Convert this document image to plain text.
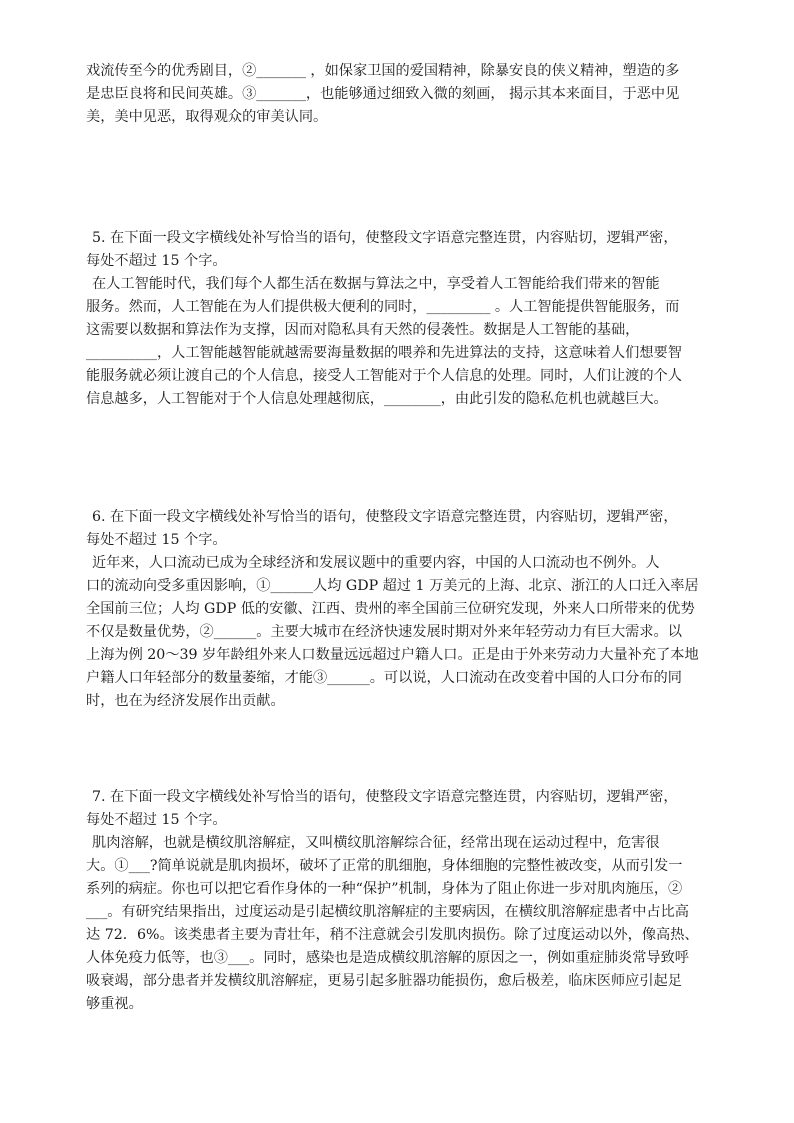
戏流传至今的优秀剧目，②_______ ，如保家卫国的爱国精神，除暴安良的侠义精神，塑造的多
是忠臣良将和民间英雄。③_______，也能够通过细致入微的刻画， 揭示其本来面目，于恶中见
美，美中见恶，取得观众的审美认同。
5. 在下面一段文字横线处补写恰当的语句，使整段文字语意完整连贯，内容贴切，逻辑严密，
每处不超过 15 个字。
在人工智能时代，我们每个人都生活在数据与算法之中，享受着人工智能给我们带来的智能
服务。然而，人工智能在为人们提供极大便利的同时，_________ 。人工智能提供智能服务，而
这需要以数据和算法作为支撑，因而对隐私具有天然的侵袭性。数据是人工智能的基础，
__________，人工智能越智能就越需要海量数据的喂养和先进算法的支持，这意味着人们想要智
能服务就必须让渡自己的个人信息，接受人工智能对于个人信息的处理。同时，人们让渡的个人
信息越多，人工智能对于个人信息处理越彻底，________，由此引发的隐私危机也就越巨大。
6. 在下面一段文字横线处补写恰当的语句，使整段文字语意完整连贯，内容贴切，逻辑严密，
每处不超过 15 个字。
近年来，人口流动已成为全球经济和发展议题中的重要内容，中国的人口流动也不例外。人
口的流动向受多重因影响，①______人均 GDP 超过 1 万美元的上海、北京、浙江的人口迁入率居
全国前三位；人均 GDP 低的安徽、江西、贵州的率全国前三位研究发现，外来人口所带来的优势
不仅是数量优势，②______。主要大城市在经济快速发展时期对外来年轻劳动力有巨大需求。以
上海为例 20～39 岁年龄组外来人口数量远远超过户籍人口。正是由于外来劳动力大量补充了本地
户籍人口年轻部分的数量萎缩，才能③______。可以说，人口流动在改变着中国的人口分布的同
时，也在为经济发展作出贡献。
7. 在下面一段文字横线处补写恰当的语句，使整段文字语意完整连贯，内容贴切，逻辑严密，
每处不超过 15 个字。
肌肉溶解，也就是横纹肌溶解症，又叫横纹肌溶解综合征，经常出现在运动过程中，危害很
大。①___?简单说就是肌肉损坏，破坏了正常的肌细胞，身体细胞的完整性被改变，从而引发一
系列的病症。你也可以把它看作身体的一种“保护”机制，身体为了阻止你进一步对肌肉施压，②
___。有研究结果指出，过度运动是引起横纹肌溶解症的主要病因，在横纹肌溶解症患者中占比高
达 72．6%。该类患者主要为青壮年，稍不注意就会引发肌肉损伤。除了过度运动以外，像高热、
人体免疫力低等，也③___。同时，感染也是造成横纹肌溶解的原因之一，例如重症肺炎常导致呼
吸衰竭，部分患者并发横纹肌溶解症，更易引起多脏器功能损伤，愈后极差，临床医师应引起足
够重视。
